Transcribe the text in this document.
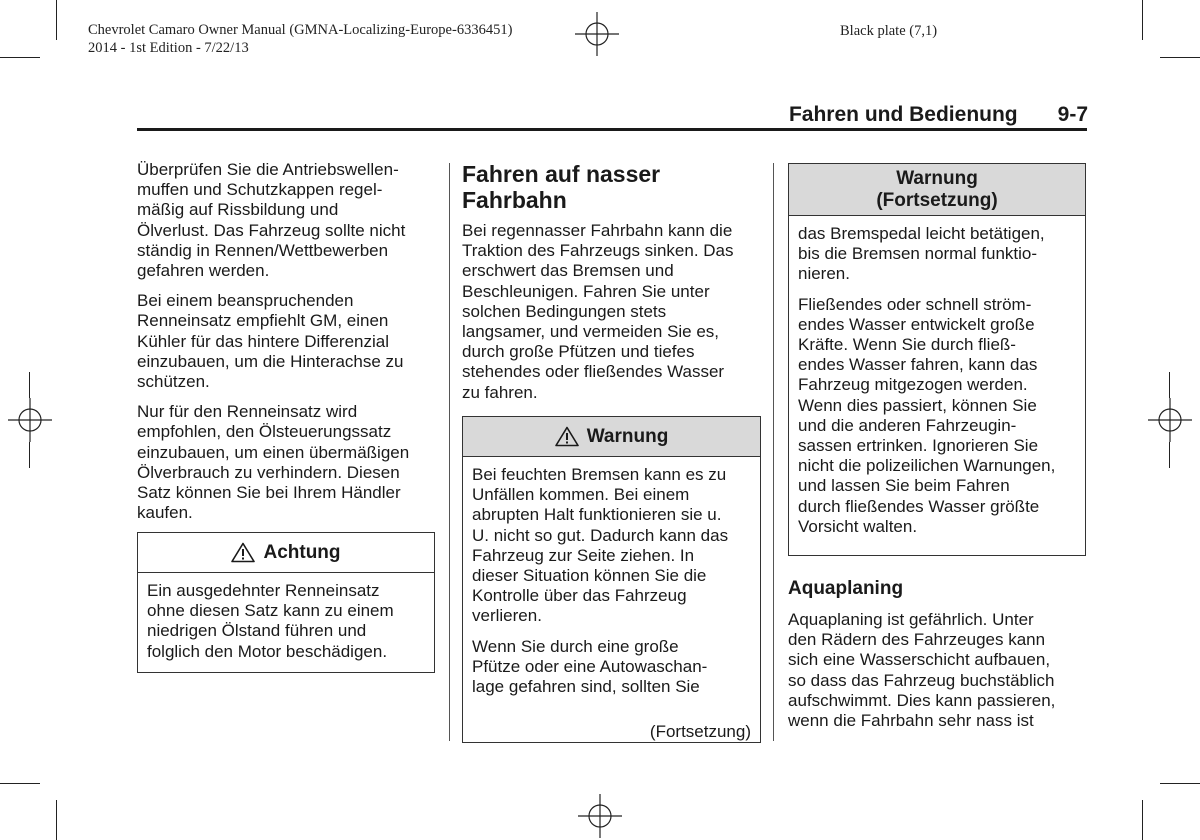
Chevrolet Camaro Owner Manual (GMNA-Localizing-Europe-6336451)
2014 - 1st Edition - 7/22/13
Black plate (7,1)
Fahren und Bedienung 9-7

Überprüfen Sie die Antriebswellen-
muffen und Schutzkappen regel-
mäßig auf Rissbildung und
Ölverlust. Das Fahrzeug sollte nicht
ständig in Rennen/Wettbewerben
gefahren werden.

Bei einem beanspruchenden
Renneinsatz empfiehlt GM, einen
Kühler für das hintere Differenzial
einzubauen, um die Hinterachse zu
schützen.

Nur für den Renneinsatz wird
empfohlen, den Ölsteuerungssatz
einzubauen, um einen übermäßigen
Ölverbrauch zu verhindern. Diesen
Satz können Sie bei Ihrem Händler
kaufen.

Achtung

Ein ausgedehnter Renneinsatz
ohne diesen Satz kann zu einem
niedrigen Ölstand führen und
folglich den Motor beschädigen.

Fahren auf nasser
Fahrbahn

Bei regennasser Fahrbahn kann die
Traktion des Fahrzeugs sinken. Das
erschwert das Bremsen und
Beschleunigen. Fahren Sie unter
solchen Bedingungen stets
langsamer, und vermeiden Sie es,
durch große Pfützen und tiefes
stehendes oder fließendes Wasser
zu fahren.

Warnung

Bei feuchten Bremsen kann es zu
Unfällen kommen. Bei einem
abrupten Halt funktionieren sie u.
U. nicht so gut. Dadurch kann das
Fahrzeug zur Seite ziehen. In
dieser Situation können Sie die
Kontrolle über das Fahrzeug
verlieren.

Wenn Sie durch eine große
Pfütze oder eine Autowaschan-
lage gefahren sind, sollten Sie

(Fortsetzung)
Warnung
(Fortsetzung)

das Bremspedal leicht betätigen,
bis die Bremsen normal funktio-
nieren.

Fließendes oder schnell ström-
endes Wasser entwickelt große
Kräfte. Wenn Sie durch fließ-
endes Wasser fahren, kann das
Fahrzeug mitgezogen werden.
Wenn dies passiert, können Sie
und die anderen Fahrzeugin-
sassen ertrinken. Ignorieren Sie
nicht die polizeilichen Warnungen,
und lassen Sie beim Fahren
durch fließendes Wasser größte
Vorsicht walten.

Aquaplaning

Aquaplaning ist gefährlich. Unter
den Rädern des Fahrzeuges kann
sich eine Wasserschicht aufbauen,
so dass das Fahrzeug buchstäblich
aufschwimmt. Dies kann passieren,
wenn die Fahrbahn sehr nass ist
